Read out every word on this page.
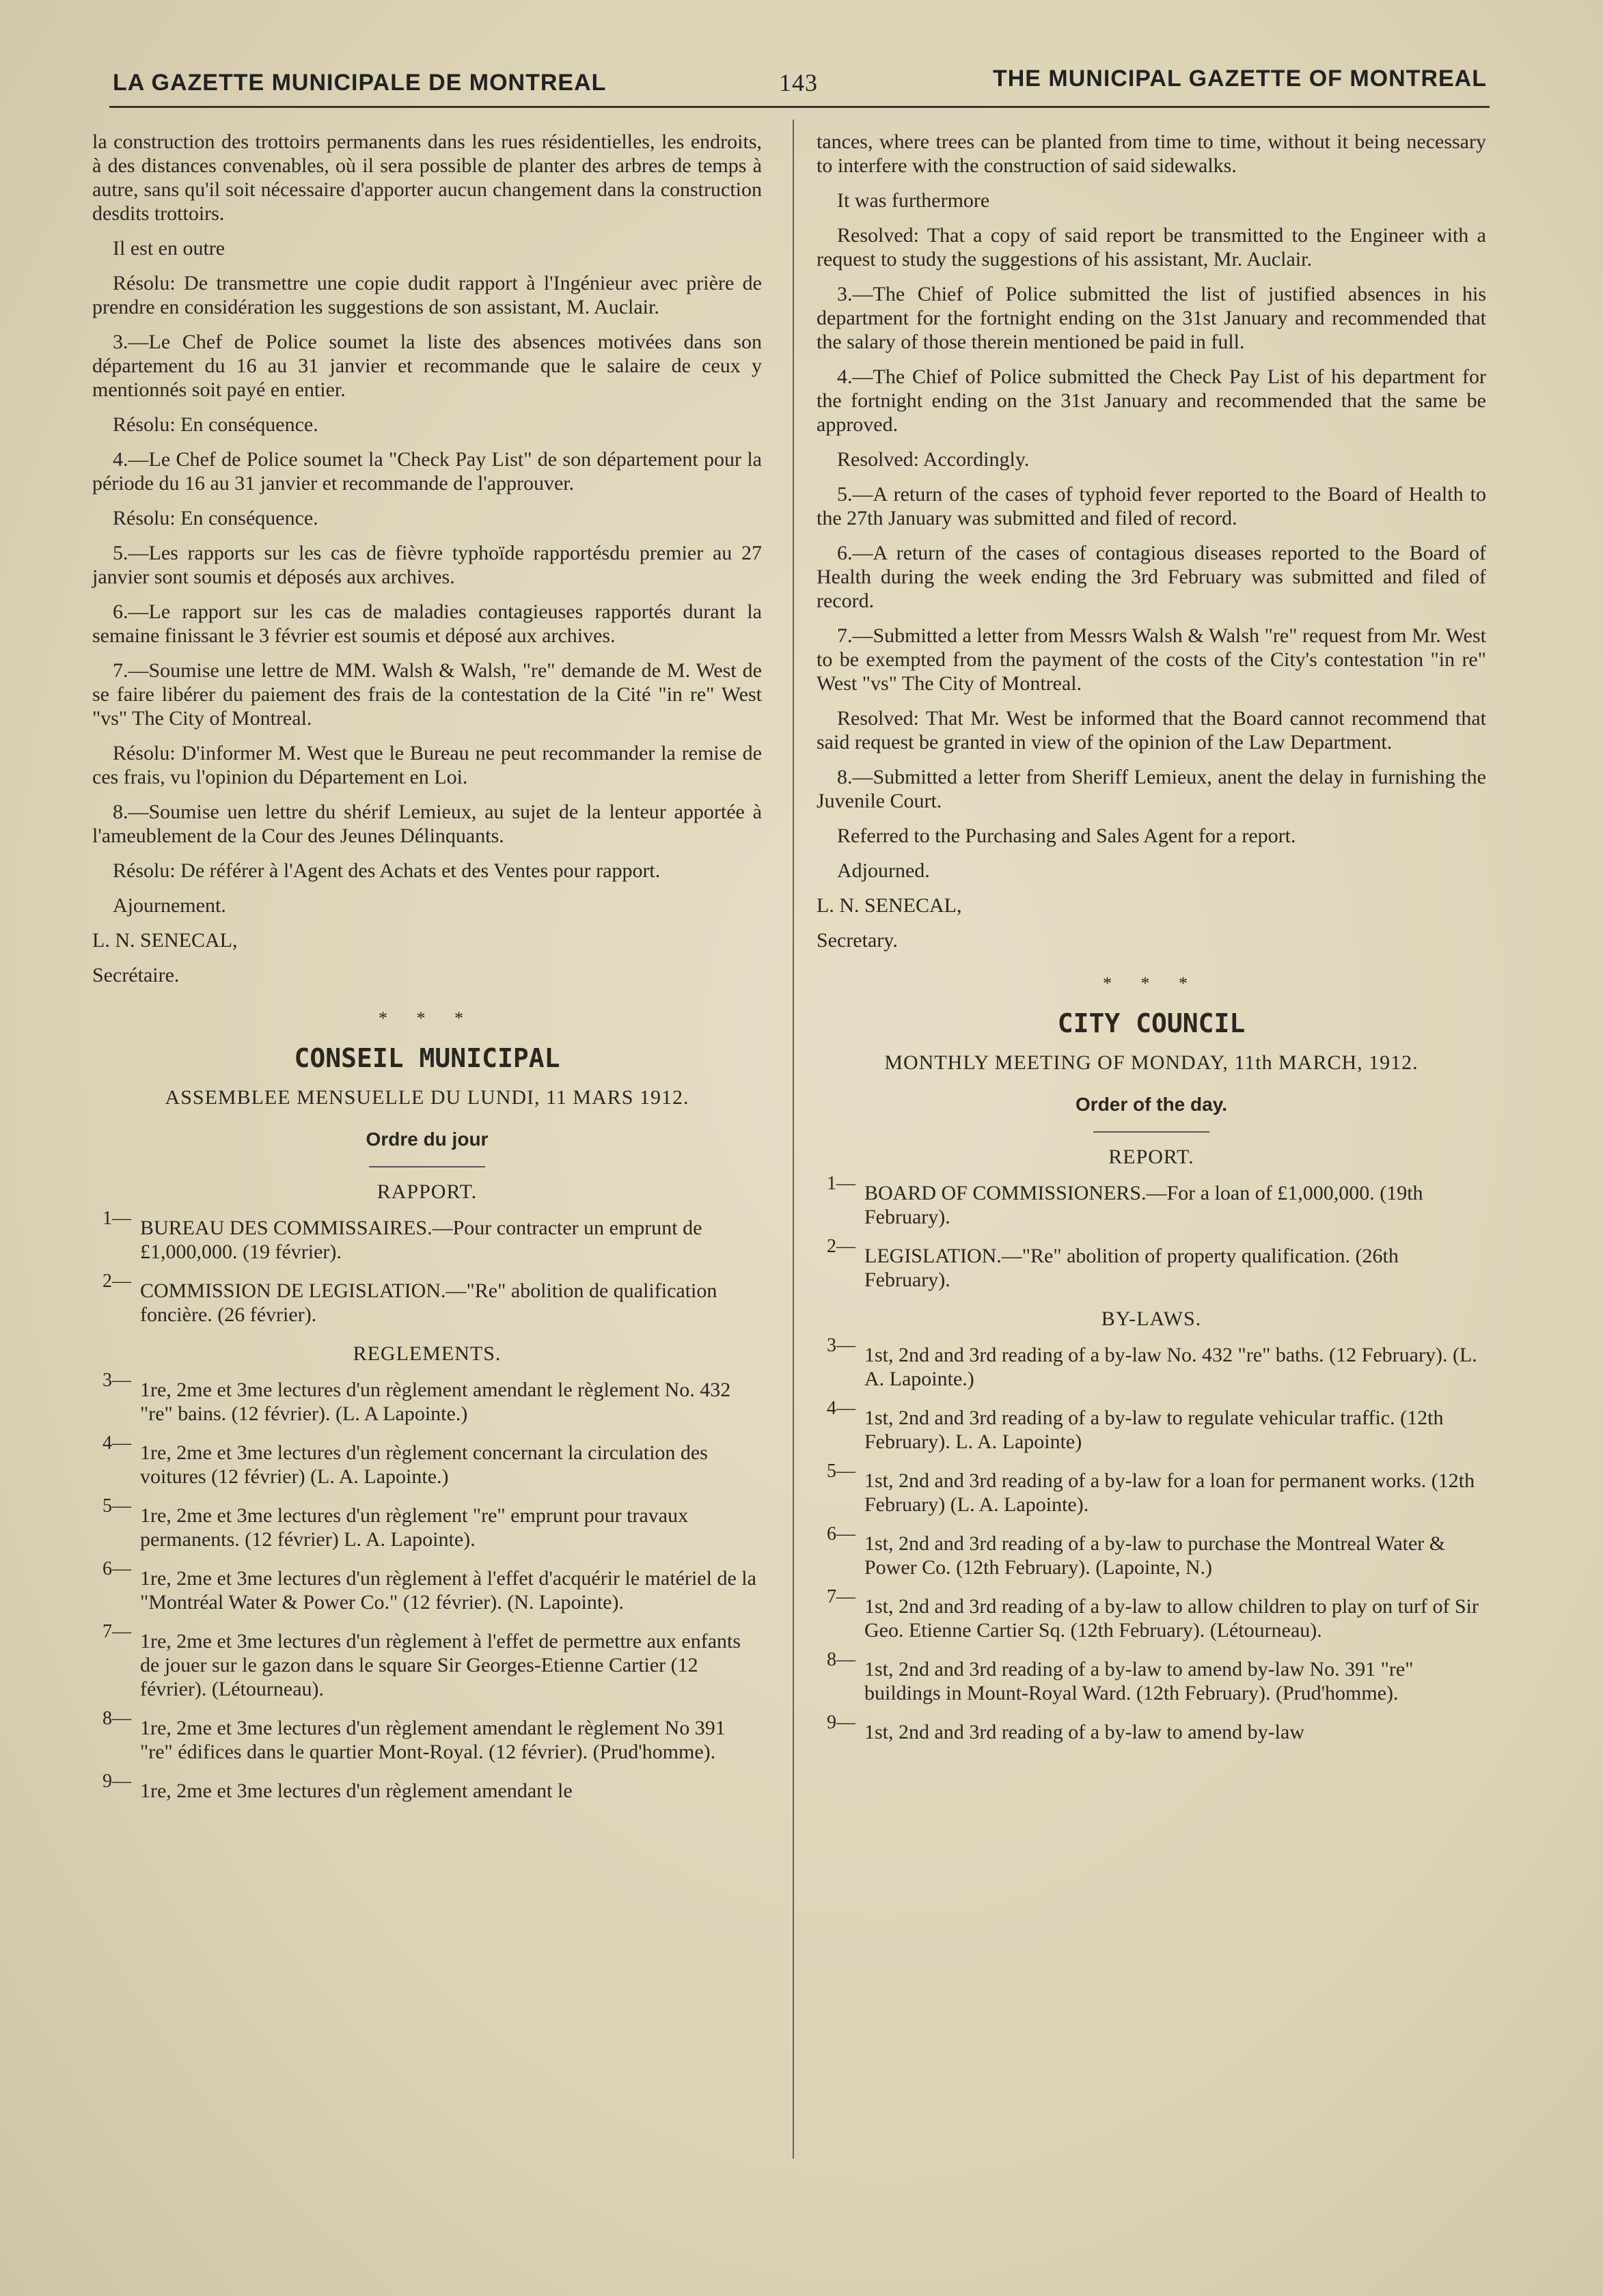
LA GAZETTE MUNICIPALE DE MONTREAL	143	THE MUNICIPAL GAZETTE OF MONTREAL

la construction des trottoirs permanents dans les rues résidentielles, les endroits, à des distances convenables, où il sera possible de planter des arbres de temps à autre, sans qu'il soit nécessaire d'apporter aucun changement dans la construction desdits trottoirs.

Il est en outre

Résolu: De transmettre une copie dudit rapport à l'Ingénieur avec prière de prendre en considération les suggestions de son assistant, M. Auclair.

3.—Le Chef de Police soumet la liste des absences motivées dans son département du 16 au 31 janvier et recommande que le salaire de ceux y mentionnés soit payé en entier.

Résolu: En conséquence.

4.—Le Chef de Police soumet la "Check Pay List" de son département pour la période du 16 au 31 janvier et recommande de l'approuver.

Résolu: En conséquence.

5.—Les rapports sur les cas de fièvre typhoïde rapportésdu premier au 27 janvier sont soumis et déposés aux archives.

6.—Le rapport sur les cas de maladies contagieuses rapportés durant la semaine finissant le 3 février est soumis et déposé aux archives.

7.—Soumise une lettre de MM. Walsh & Walsh, "re" demande de M. West de se faire libérer du paiement des frais de la contestation de la Cité "in re" West "vs" The City of Montreal.

Résolu: D'informer M. West que le Bureau ne peut recommander la remise de ces frais, vu l'opinion du Département en Loi.

8.—Soumise uen lettre du shérif Lemieux, au sujet de la lenteur apportée à l'ameublement de la Cour des Jeunes Délinquants.

Résolu: De référer à l'Agent des Achats et des Ventes pour rapport.

Ajournement.

L. N. SENECAL,

Secrétaire.

* * *
CONSEIL MUNICIPAL
ASSEMBLEE MENSUELLE DU LUNDI, 11 MARS 1912.
Ordre du jour
RAPPORT.
1— BUREAU DES COMMISSAIRES.—Pour contracter un emprunt de £1,000,000. (19 février).
2— COMMISSION DE LEGISLATION.—"Re" abolition de qualification foncière. (26 février).
REGLEMENTS.
3— 1re, 2me et 3me lectures d'un règlement amendant le règlement No. 432 "re" bains. (12 février). (L. A Lapointe.)
4— 1re, 2me et 3me lectures d'un règlement concernant la circulation des voitures (12 février) (L. A. Lapointe.)
5— 1re, 2me et 3me lectures d'un règlement "re" emprunt pour travaux permanents. (12 février) L. A. Lapointe).
6— 1re, 2me et 3me lectures d'un règlement à l'effet d'acquérir le matériel de la "Montréal Water & Power Co." (12 février). (N. Lapointe).
7— 1re, 2me et 3me lectures d'un règlement à l'effet de permettre aux enfants de jouer sur le gazon dans le square Sir Georges-Etienne Cartier (12 février). (Létourneau).
8— 1re, 2me et 3me lectures d'un règlement amendant le règlement No 391 "re" édifices dans le quartier Mont-Royal. (12 février). (Prud'homme).
9— 1re, 2me et 3me lectures d'un règlement amendant le

tances, where trees can be planted from time to time, without it being necessary to interfere with the construction of said sidewalks.

It was furthermore

Resolved: That a copy of said report be transmitted to the Engineer with a request to study the suggestions of his assistant, Mr. Auclair.

3.—The Chief of Police submitted the list of justified absences in his department for the fortnight ending on the 31st January and recommended that the salary of those therein mentioned be paid in full.

4.—The Chief of Police submitted the Check Pay List of his department for the fortnight ending on the 31st January and recommended that the same be approved.

Resolved: Accordingly.

5.—A return of the cases of typhoid fever reported to the Board of Health to the 27th January was submitted and filed of record.

6.—A return of the cases of contagious diseases reported to the Board of Health during the week ending the 3rd February was submitted and filed of record.

7.—Submitted a letter from Messrs Walsh & Walsh "re" request from Mr. West to be exempted from the payment of the costs of the City's contestation "in re" West "vs" The City of Montreal.

Resolved: That Mr. West be informed that the Board cannot recommend that said request be granted in view of the opinion of the Law Department.

8.—Submitted a letter from Sheriff Lemieux, anent the delay in furnishing the Juvenile Court.

Referred to the Purchasing and Sales Agent for a report.

Adjourned.

L. N. SENECAL,

Secretary.

* * *
CITY COUNCIL
MONTHLY MEETING OF MONDAY, 11th MARCH, 1912.
Order of the day.
REPORT.
1— BOARD OF COMMISSIONERS.—For a loan of £1,000,000. (19th February).
2— LEGISLATION.—"Re" abolition of property qualification. (26th February).
BY-LAWS.
3— 1st, 2nd and 3rd reading of a by-law No. 432 "re" baths. (12 February). (L. A. Lapointe.)
4— 1st, 2nd and 3rd reading of a by-law to regulate vehicular traffic. (12th February). L. A. Lapointe)
5— 1st, 2nd and 3rd reading of a by-law for a loan for permanent works. (12th February) (L. A. Lapointe).
6— 1st, 2nd and 3rd reading of a by-law to purchase the Montreal Water & Power Co. (12th February). (Lapointe, N.)
7— 1st, 2nd and 3rd reading of a by-law to allow children to play on turf of Sir Geo. Etienne Cartier Sq. (12th February). (Létourneau).
8— 1st, 2nd and 3rd reading of a by-law to amend by-law No. 391 "re" buildings in Mount-Royal Ward. (12th February). (Prud'homme).
9— 1st, 2nd and 3rd reading of a by-law to amend by-law
